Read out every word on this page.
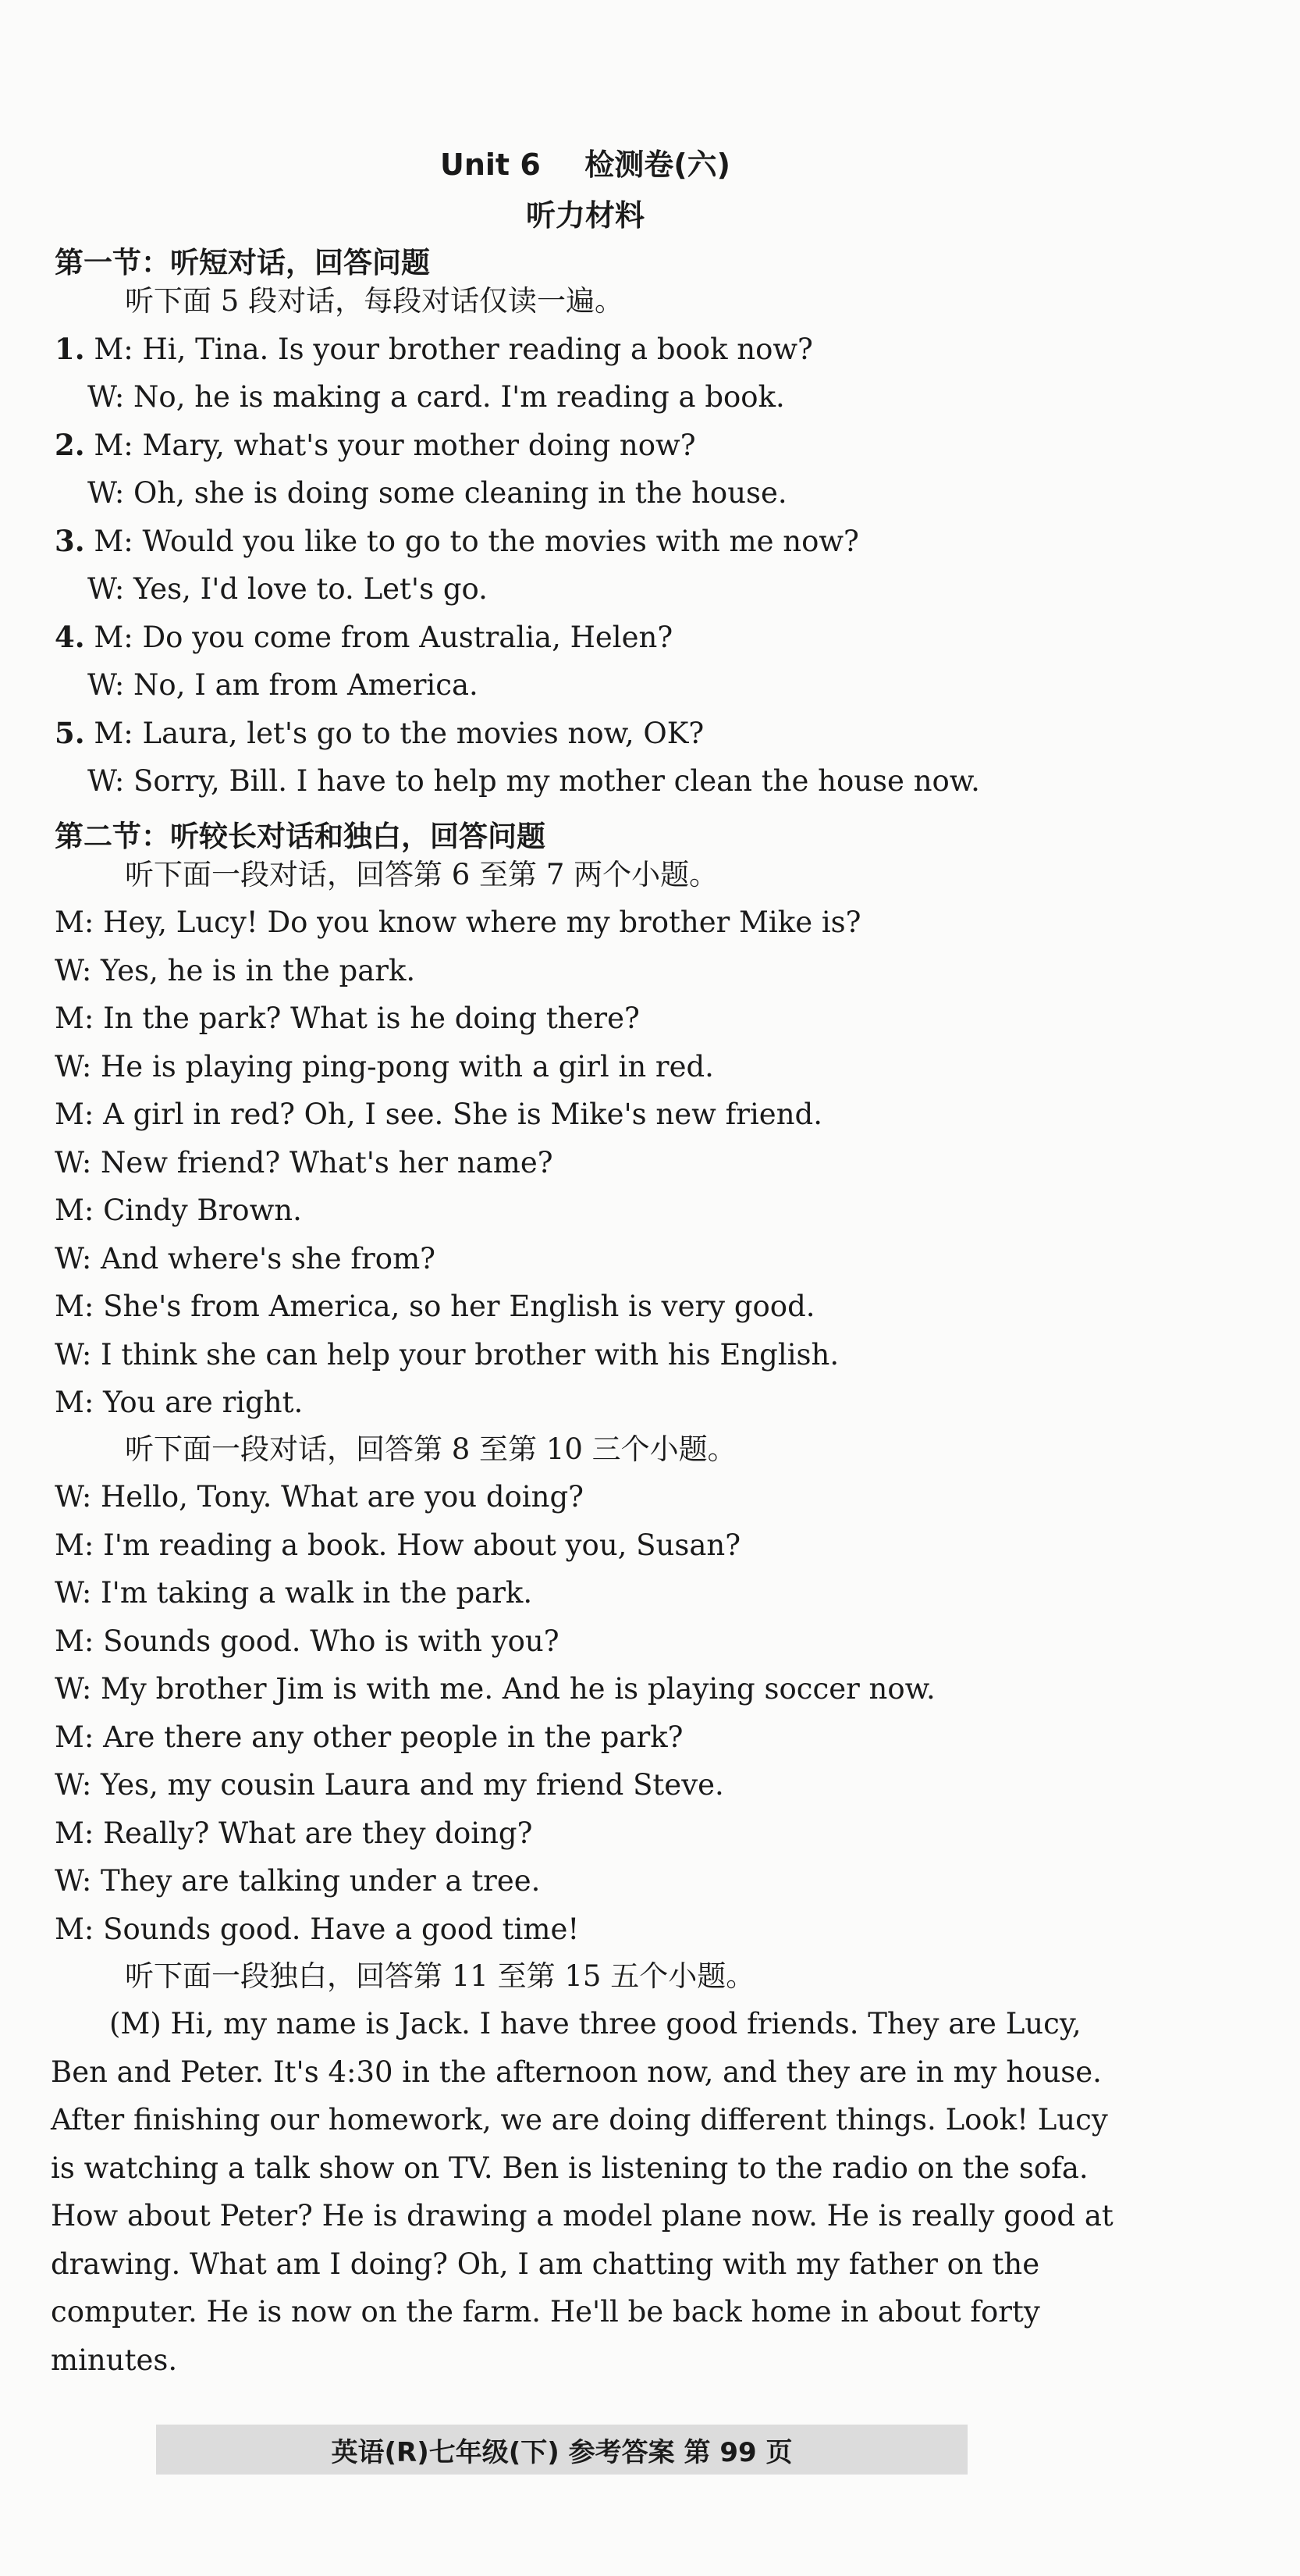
Unit 6 检测卷(六)
听力材料
第一节：听短对话，回答问题
听下面 5 段对话，每段对话仅读一遍。
1. M: Hi, Tina. Is your brother reading a book now?
W: No, he is making a card. I'm reading a book.
2. M: Mary, what's your mother doing now?
W: Oh, she is doing some cleaning in the house.
3. M: Would you like to go to the movies with me now?
W: Yes, I'd love to. Let's go.
4. M: Do you come from Australia, Helen?
W: No, I am from America.
5. M: Laura, let's go to the movies now, OK?
W: Sorry, Bill. I have to help my mother clean the house now.
第二节：听较长对话和独白，回答问题
听下面一段对话，回答第 6 至第 7 两个小题。
M: Hey, Lucy! Do you know where my brother Mike is?
W: Yes, he is in the park.
M: In the park? What is he doing there?
W: He is playing ping-pong with a girl in red.
M: A girl in red? Oh, I see. She is Mike's new friend.
W: New friend? What's her name?
M: Cindy Brown.
W: And where's she from?
M: She's from America, so her English is very good.
W: I think she can help your brother with his English.
M: You are right.
听下面一段对话，回答第 8 至第 10 三个小题。
W: Hello, Tony. What are you doing?
M: I'm reading a book. How about you, Susan?
W: I'm taking a walk in the park.
M: Sounds good. Who is with you?
W: My brother Jim is with me. And he is playing soccer now.
M: Are there any other people in the park?
W: Yes, my cousin Laura and my friend Steve.
M: Really? What are they doing?
W: They are talking under a tree.
M: Sounds good. Have a good time!
听下面一段独白，回答第 11 至第 15 五个小题。
(M) Hi, my name is Jack. I have three good friends. They are Lucy,
Ben and Peter. It's 4:30 in the afternoon now, and they are in my house.
After finishing our homework, we are doing different things. Look! Lucy
is watching a talk show on TV. Ben is listening to the radio on the sofa.
How about Peter? He is drawing a model plane now. He is really good at
drawing. What am I doing? Oh, I am chatting with my father on the
computer. He is now on the farm. He'll be back home in about forty
minutes.
英语(R)七年级(下) 参考答案 第 99 页
